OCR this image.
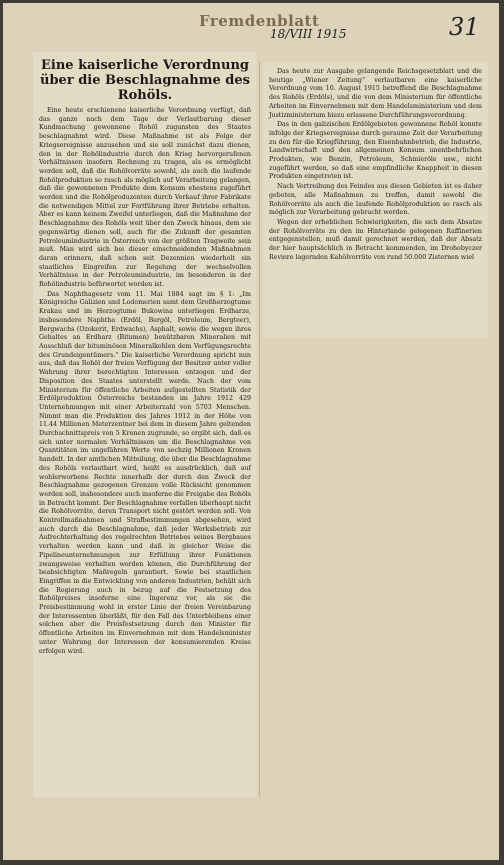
Fremdenblatt
18/VIII 1915	31
Eine kaiserliche Verordnung über die Beschlagnahme des Rohöls.

Eine heute erschienene kaiserliche Verordnung verfügt, daß das ganze nach dem Tage der Verlautbarung dieser Kundmachung gewonnene Rohöl zugunsten des Staates beschlagnahmt wird. Diese Maßnahme ist als Folge der Kriegsereignisse anzusehen und sie soll zunächst dazu dienen, den in der Rohölindustrie durch den Krieg hervorgerufenen Verhältnissen insofern Rechnung zu tragen, als es ermöglicht werden soll, daß die Rohölvorräte sowohl, als auch die laufende Rohölproduktion so rasch als möglich auf Verarbeitung gelangen, daß die gewonnenen Produkte dem Konsum ehestens zugeführt werden und die Rohölproduzenten durch Verkauf ihrer Fabrikate die notwendigen Mittel zur Fortführung ihrer Betriebe erhalten. Aber es kann keinem Zweifel unterliegen, daß die Maßnahme der Beschlagnahme des Rohöls weit über den Zweck hinaus, dem sie gegenwärtig dienen soll, auch für die Zukunft der gesamten Petroleumindustrie in Österreich von der größten Tragweite sein muß. Man wird sich bei dieser einschneidenden Maßnahmen daran erinnern, daß schon seit Dezennien wiederholt ein staatliches Eingreifen zur Regelung der wechselvollen Verhältnisse in der Petroleumindustrie, im besonderen in der Rohölindustrie befürwortet worden ist.

Das Naphthagesetz vom 11. Mai 1884 sagt im § 1: „Im Königreiche Galizien und Lodomerien samt dem Großherzogtume Krakau und im Herzogtume Bukowina unterliegen Erdharze, insbesondere Naphtha (Erdöl, Bergöl, Petroleum, Bergteer), Bergwachs (Ozokerit, Erdwachs), Asphalt, sowie die wegen ihres Gehaltes an Erdharz (Bitumen) benützbaren Mineralien mit Ausschluß der bituminösen Mineralkohlen dem Verfügungsrechte des Grundeigentümers.“ Die kaiserliche Verordnung spricht nun aus, daß das Rohöl der freien Verfügung der Besitzer unter voller Wahrung ihrer berechtigten Interessen entzogen und der Disposition des Staates unterstellt werde. Nach der vom Ministerium für öffentliche Arbeiten aufgestellten Statistik der Erdölproduktion Österreichs bestanden im Jahre 1912 429 Unternehmungen mit einer Arbeiterzahl von 5703 Menschen. Nimmt man die Produktion des Jahres 1912 in der Höhe von 11.44 Millionen Meterzentner bei dem in diesem Jahre geltenden Durchschnittspreis von 5 Kronen zugrunde, so ergibt sich, daß es sich unter normalen Verhältnissen um die Beschlagnahme von Quantitäten im ungefähren Werte von sechzig Millionen Kronen handelt. In der amtlichen Mitteilung, die über die Beschlagnahme des Rohöls verlautbart wird, heißt es ausdrücklich, daß auf wohlerworbene Rechte innerhalb der durch den Zweck der Beschlagnahme gezogenen Grenzen volle Rücksicht genommen werden soll, insbesondere auch insoferne die Freigabe des Rohöls in Betracht kommt. Der Beschlagnahme verfallen überhaupt nicht die Rohölvorräte, deren Transport nicht gestört werden soll. Von Kontrollmaßnahmen und Strafbestimmungen abgesehen, wird auch durch die Beschlagnahme, daß jeder Werksbetrieb zur Aufrechterhaltung des regelrechten Betriebes seines Bergbaues verhalten werden kann und daß in gleicher Weise die Pipelineunternehmungen zur Erfüllung ihrer Funktionen zwangsweise verhalten werden können, die Durchführung der beabsichtigten Maßregeln garantiert. Sowie bei staatlichen Eingriffen in die Entwicklung von anderen Industrien, behält sich die Regierung auch in bezug auf die Festsetzung des Rohölpreises insoferne eine Ingerenz vor, als sie die Preisbestimmung wohl in erster Linie der freien Vereinbarung der Interessenten überläßt, für den Fall des Unterbleibens einer solchen aber die Preisfestsetzung durch den Minister für öffentliche Arbeiten im Einvernehmen mit dem Handelsminister unter Wahrung der Interessen der konsumierenden Kreise erfolgen wird.

Das heute zur Ausgabe gelangende Reichsgesetzblatt und die heutige „Wiener Zeitung“ verlautbaren eine kaiserliche Verordnung vom 10. August 1915 betreffend die Beschlagnahme des Rohöls (Erdöls), und die von dem Ministerium für öffentliche Arbeiten im Einvernehmen mit dem Handelsministerium und dem Justizministerium hiezu erlassene Durchführungsverordnung.

Das in den galizischen Erdölgebieten gewonnene Rohöl konnte infolge der Kriegsereignisse durch geraume Zeit der Verarbeitung zu den für die Kriegführung, den Eisenbahnbetrieb, die Industrie, Landwirtschaft und den allgemeinen Konsum unentbehrlichen Produkten, wie Benzin, Petroleum, Schmieröle usw., nicht zugeführt werden, so daß eine empfindliche Knappheit in diesen Produkten eingetreten ist.

Nach Vertreibung des Feindes aus diesen Gebieten ist es daher geboten, alle Maßnahmen zu treffen, damit sowohl die Rohölvorräte als auch die laufende Rohölproduktion so rasch als möglich zur Verarbeitung gebracht werden.

Wegen der erheblichen Schwierigkeiten, die sich dem Absatze der Rohölvorräte zu den im Hinterlande gelegenen Raffinerien entgegenstellen, muß damit gerechnet werden, daß der Absatz der hier hauptsächlich in Betracht kommenden, im Drohobyczer Reviere lagernden Kahölvorräte von rund 50.000 Zisternen wiel
